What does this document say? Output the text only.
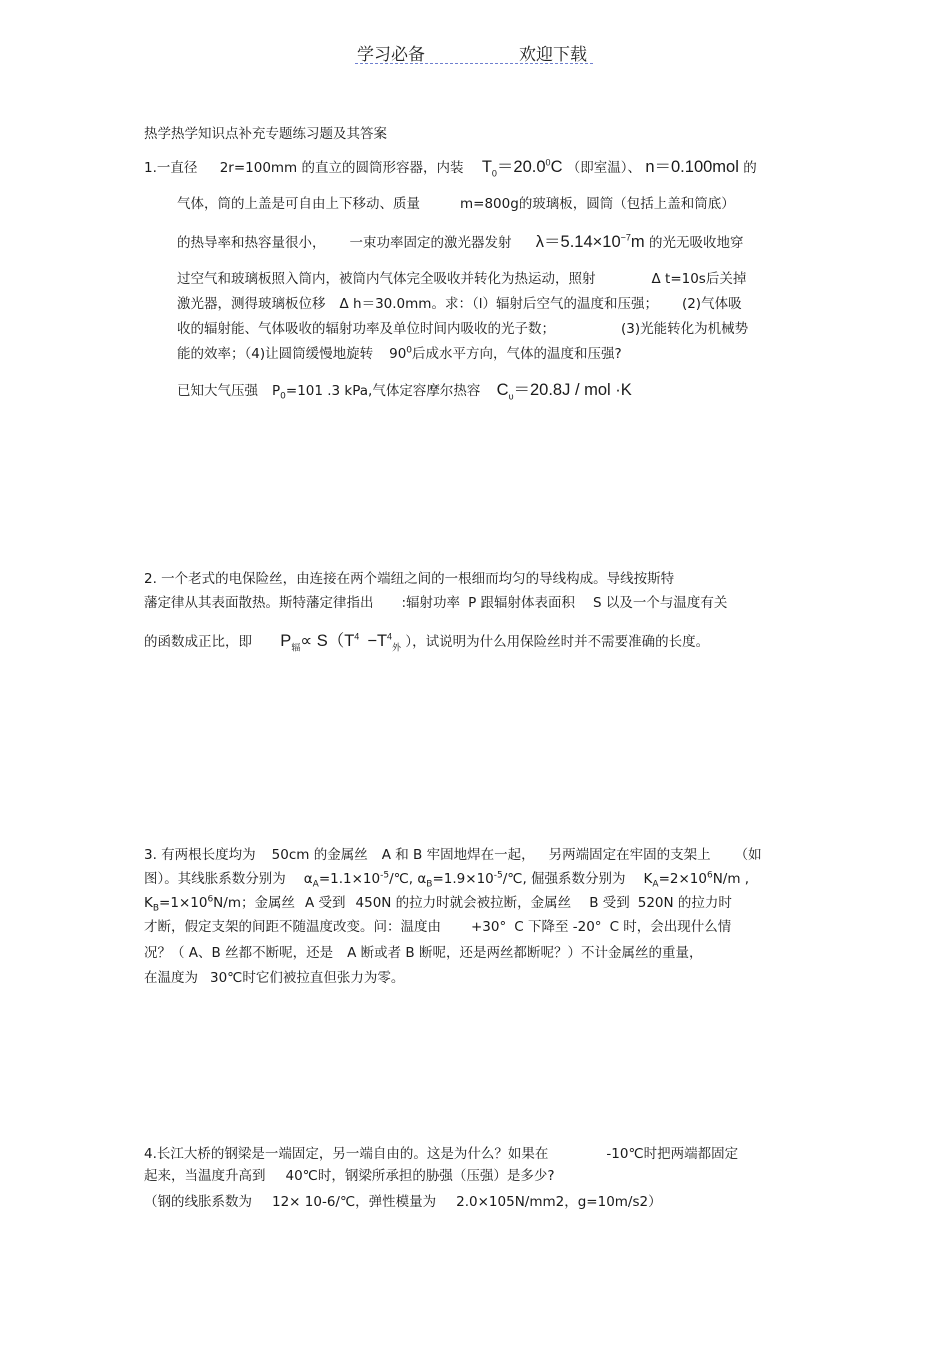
学习必备	欢迎下载
热学热学知识点补充专题练习题及其答案
1.一直径 2r=100mm 的直立的圆筒形容器，内装 $T_0=20.0^0C$ （即室温）、 n＝0.100mol 的
气体，筒的上盖是可自由上下移动、质量	m=800g的玻璃板，圆筒（包括上盖和筒底）
的热导率和热容量很小， 一束功率固定的激光器发射 $\lambda=5.14\times 10^{-7}m$ 的光无吸收地穿
过空气和玻璃板照入筒内，被筒内气体完全吸收并转化为热运动，照射	Δ t=10s后关掉
激光器，测得玻璃板位移 Δ h＝30.0mm。求：（l）辐射后空气的温度和压强； (2)气体吸
收的辐射能、气体吸收的辐射功率及单位时间内吸收的光子数；	(3)光能转化为机械势
能的效率；（4)让圆筒缓慢地旋转 $90^0$后成水平方向，气体的温度和压强?
已知大气压强 $P_0=101$ .3 kPa,气体定容摩尔热容 $C_\upsilon=20.8J$ / mol ·K
2. 一个老式的电保险丝，由连接在两个端纽之间的一根细而均匀的导线构成。导线按斯特
藩定律从其表面散热。斯特藩定律指出 :辐射功率 P 跟辐射体表面积 S 以及一个与温度有关
的函数成正比，即 $P_辐\propto S(T^4 -T^4_外$ ），试说明为什么用保险丝时并不需要准确的长度。
3. 有两根长度均为 50cm 的金属丝 A 和 B 牢固地焊在一起， 另两端固定在牢固的支架上 （如
图）。其线胀系数分别为 $\alpha_A=1.1\times 10^{-5}/℃$, $\alpha_B=1.9\times 10^{-5}/℃$, 倔强系数分别为 $K_A=2\times 10^6N/m$ ,
$K_B=1\times 10^6N/m$；金属丝 A 受到 450N 的拉力时就会被拉断，金属丝 B 受到 520N 的拉力时
才断，假定支架的间距不随温度改变。问：温度由 +30° C 下降至 -20° C 时，会出现什么情
况？（ A、B 丝都不断呢，还是 A 断或者 B 断呢，还是两丝都断呢？）不计金属丝的重量，
在温度为 30℃时它们被拉直但张力为零。
4.长江大桥的钢梁是一端固定，另一端自由的。这是为什么？如果在	-10℃时把两端都固定
起来，当温度升高到 40℃时，钢梁所承担的胁强（压强）是多少?
（钢的线胀系数为 12× 10-6/℃，弹性模量为 2.0×105N/mm2，g=10m/s2）
